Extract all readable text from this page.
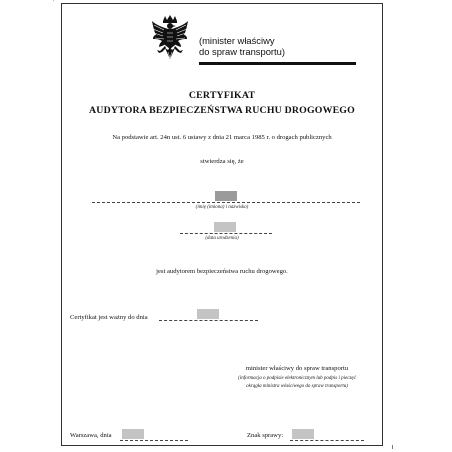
'
(minister właściwy
do spraw transportu)
CERTYFIKAT
AUDYTORA BEZPIECZEŃSTWA RUCHU DROGOWEGO
Na podstawie art. 24n ust. 6 ustawy z dnia 21 marca 1985 r. o drogach publicznych
stwierdza się, że
(imię (imiona) i nazwisko)
(data urodzenia)
jest audytorem bezpieczeństwa ruchu drogowego.
Certyfikat jest ważny do dnia
minister właściwy do spraw transportu
(informacja o podpisie elektronicznym lub podpis i pieczęć
okrągła ministra właściwego do spraw transportu)
Warszawa, dnia	Znak sprawy:
